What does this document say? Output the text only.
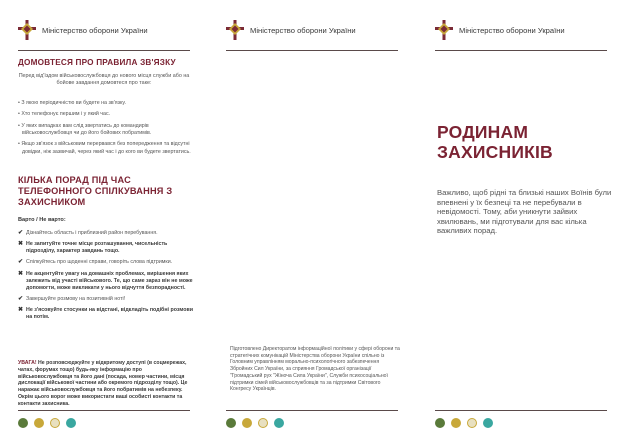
Міністерство оборони України
ДОМОВТЕСЯ ПРО ПРАВИЛА ЗВ'ЯЗКУ

Перед від'їздом військовослужбовця до нового місця служби або на бойове завдання домовтеся про таке:

• З якою періодичністю ви будете на зв'язку.
• Хто телефонує першим і у який час.
• У яких випадках вам слід звертатись до командирів військовослужбовця чи до його бойових побратимів.
• Якщо зв'язок з військовим перервався без попередження та відсутні довідки, ніж зазвичай, через який час і до кого ви будете звертатись.
КІЛЬКА ПОРАД ПІД ЧАС ТЕЛЕФОННОГО СПІЛКУВАННЯ З ЗАХИСНИКОМ
Варто / Не варто:
✔ Дізнайтесь область і приблизний район перебування.
✖ Не запитуйте точне місце розташування, чисельність підрозділу, характер завдань тощо.
✔ Спілкуйтесь про щоденні справи, говоріть слова підтримки.
✖ Не акцентуйте увагу на домашніх проблемах, вирішення яких залежить від участі військового. Те, що саме зараз він не може допомогти, може викликати у нього відчуття безпорадності.
✔ Завершуйте розмову на позитивній ноті!
✖ Не з'ясовуйте стосунки на відстані, відкладіть подібні розмови на потім.

УВАГА! Не розповсюджуйте у відкритому доступі (в соцмережах, чатах, форумах тощо) будь-яку інформацію про військовослужбовця та його дані (посада, номер частини, місця дислокації військової частини або окремого підрозділу тощо). Це наражає військовослужбовця та його побратимів на небезпеку. Окрім цього ворог може використати ваші особисті контакти та контакти захисника.

Міністерство оборони України

Підготовлено Директоратом інформаційної політики у сфері оборони та стратегічних комунікацій Міністерства оборони України спільно із Головним управлінням морально-психологічного забезпечення Збройних Сил України, за сприяння Громадської організації "Громадський рух "Жіноча Сила України", Служби психосоціальної підтримки сімей військовослужбовців та за підтримки Світового Конгресу Українців.

Міністерство оборони України
РОДИНАМ
ЗАХИСНИКІВ

Важливо, щоб рідні та близькі наших Воїнів були впевнені у їх безпеці та не перебували в невідомості. Тому, аби уникнути зайвих хвилювань, ми підготували для вас кілька важливих порад.
